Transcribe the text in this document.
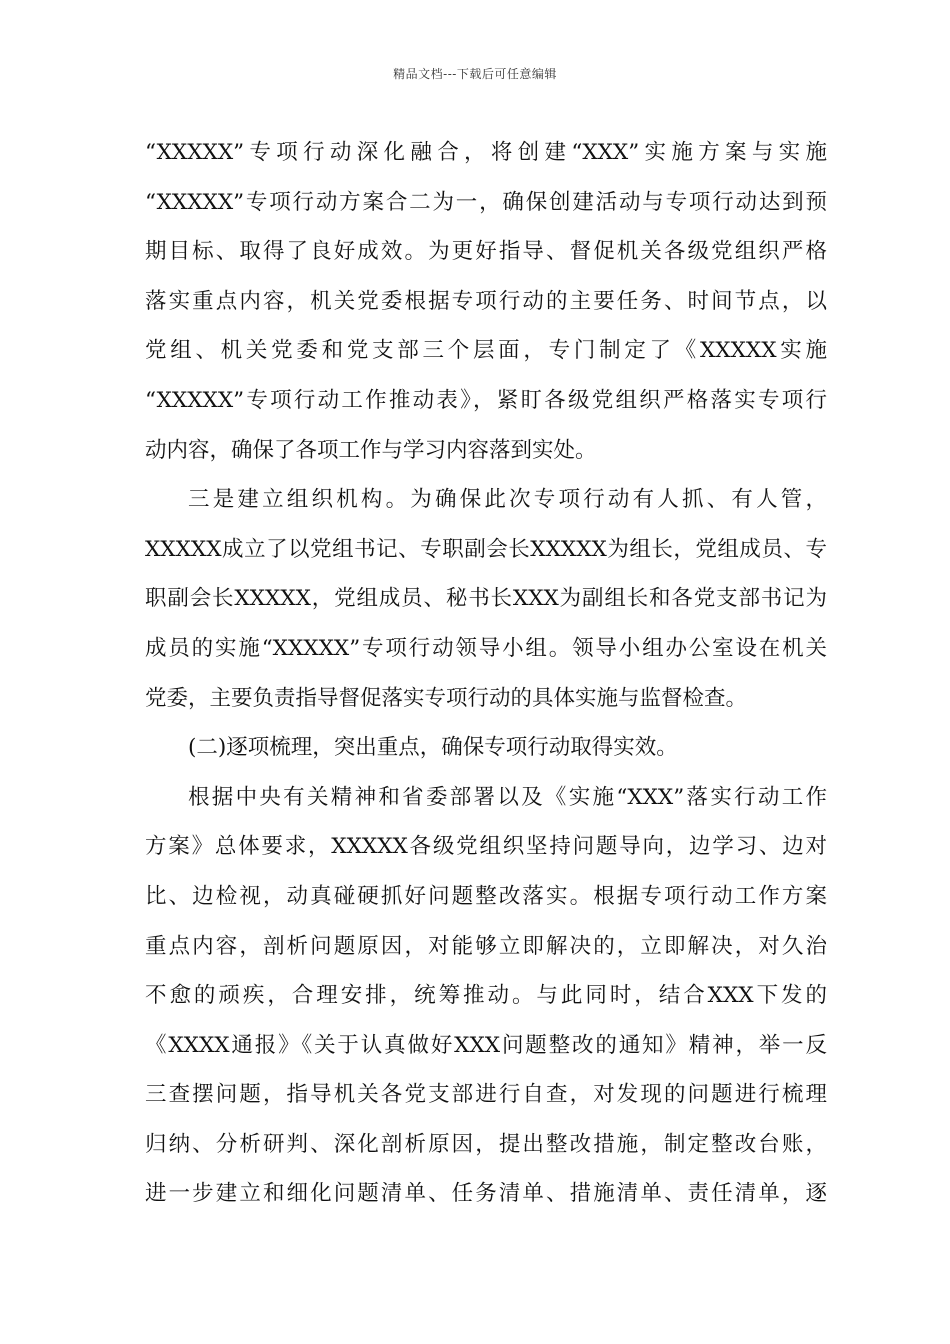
精品文档---下载后可任意编辑
“XXXXX”专项行动深化融合，将创建“XXX”实施方案与实施
“XXXXX”专项行动方案合二为一，确保创建活动与专项行动达到预
期目标、取得了良好成效。为更好指导、督促机关各级党组织严格
落实重点内容，机关党委根据专项行动的主要任务、时间节点，以
党组、机关党委和党支部三个层面，专门制定了《XXXXX实施
“XXXXX”专项行动工作推动表》，紧盯各级党组织严格落实专项行
动内容，确保了各项工作与学习内容落到实处。
三是建立组织机构。为确保此次专项行动有人抓、有人管，
XXXXX成立了以党组书记、专职副会长XXXXX为组长，党组成员、专
职副会长XXXXX，党组成员、秘书长XXX为副组长和各党支部书记为
成员的实施“XXXXX”专项行动领导小组。领导小组办公室设在机关
党委，主要负责指导督促落实专项行动的具体实施与监督检查。
(二)逐项梳理，突出重点，确保专项行动取得实效。
根据中央有关精神和省委部署以及《实施“XXX”落实行动工作
方案》总体要求，XXXXX各级党组织坚持问题导向，边学习、边对
比、边检视，动真碰硬抓好问题整改落实。根据专项行动工作方案
重点内容，剖析问题原因，对能够立即解决的，立即解决，对久治
不愈的顽疾，合理安排，统筹推动。与此同时，结合XXX下发的
《XXXX通报》《关于认真做好XXX问题整改的通知》精神，举一反
三查摆问题，指导机关各党支部进行自查，对发现的问题进行梳理
归纳、分析研判、深化剖析原因，提出整改措施，制定整改台账，
进一步建立和细化问题清单、任务清单、措施清单、责任清单，逐
